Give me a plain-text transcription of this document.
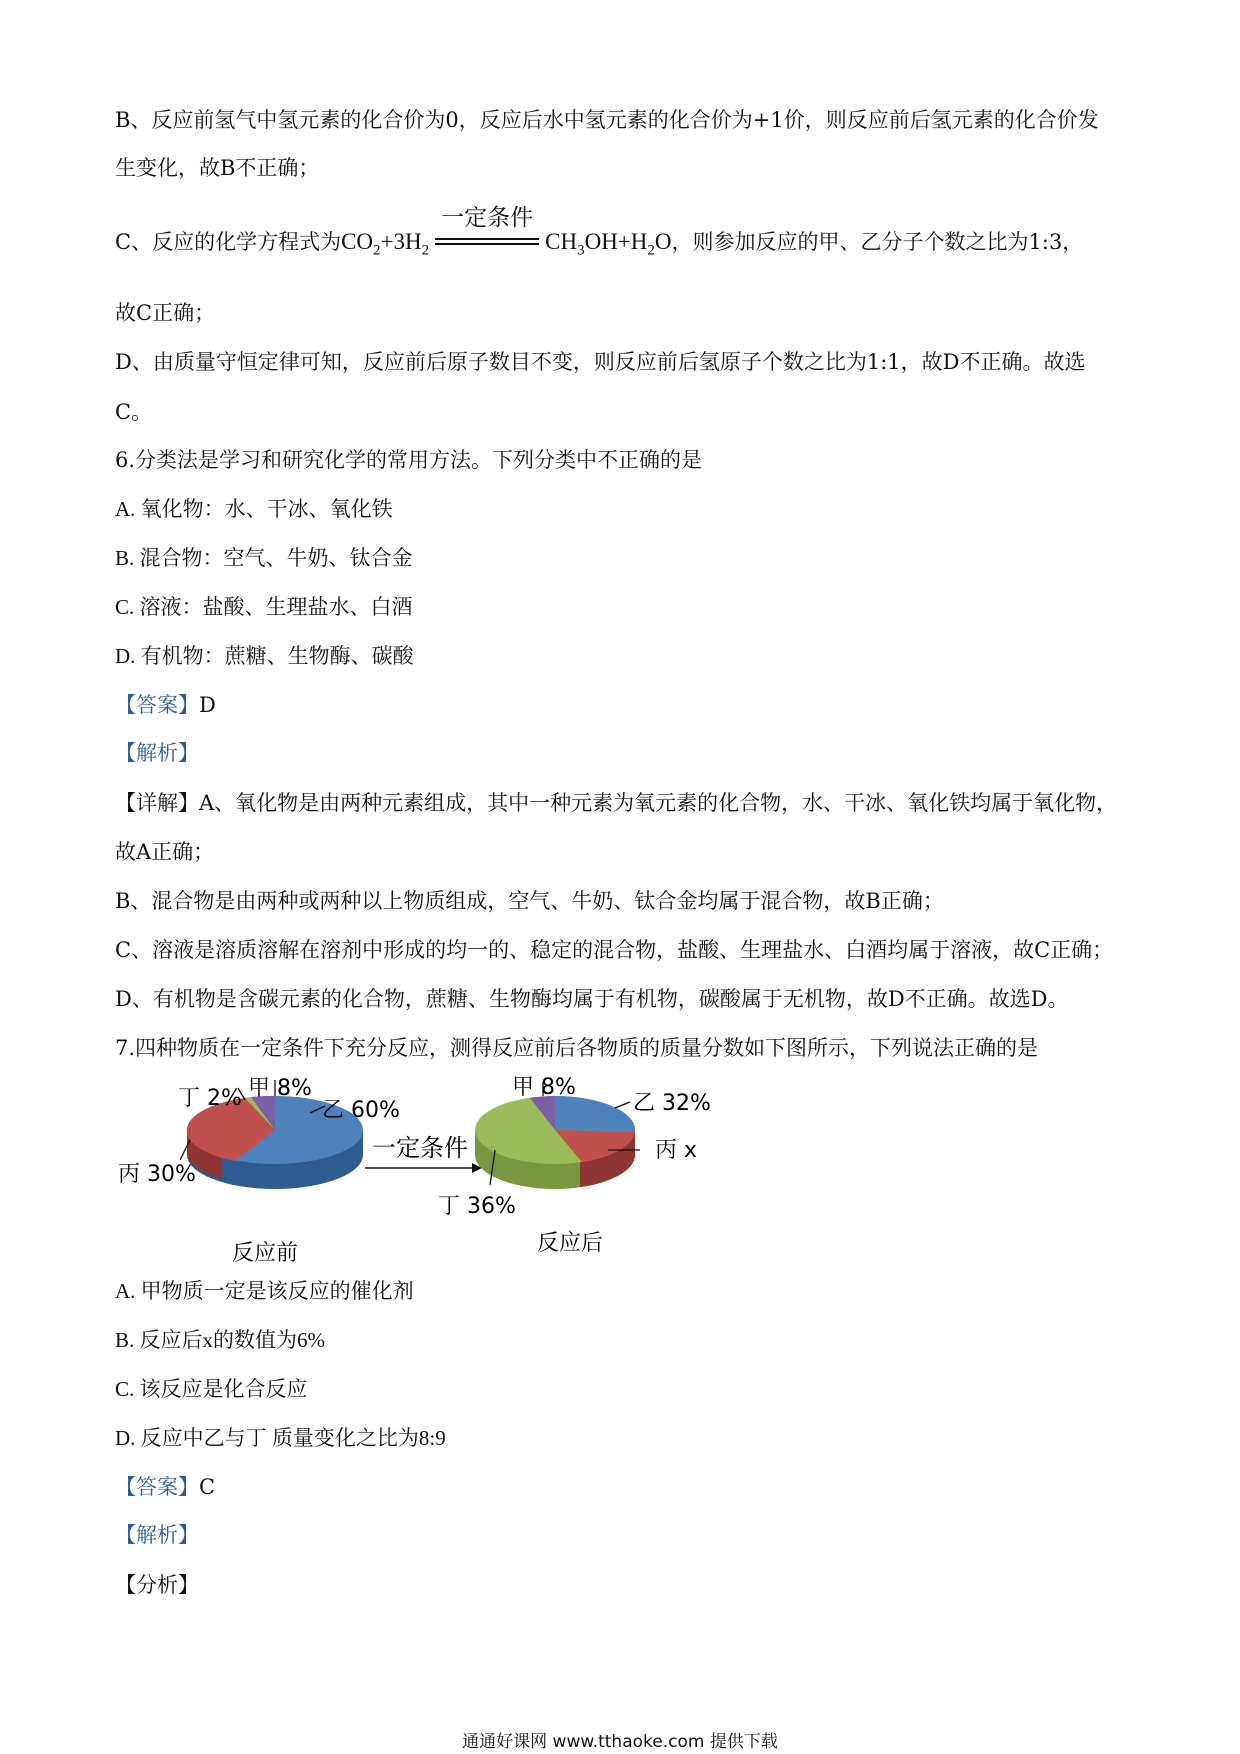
B、反应前氢气中氢元素的化合价为0，反应后水中氢元素的化合价为+1价，则反应前后氢元素的化合价发
生变化，故B不正确；
C、反应的化学方程式为$CO_2+3H_2$
一定条件
$CH_3OH+H_2O$，则参加反应的甲、乙分子个数之比为1:3，
故C正确；
D、由质量守恒定律可知，反应前后原子数目不变，则反应前后氢原子个数之比为1:1，故D不正确。故选
C。
6.分类法是学习和研究化学的常用方法。下列分类中不正确的是
A. 氧化物：水、干冰、氧化铁
B. 混合物：空气、牛奶、钛合金
C. 溶液：盐酸、生理盐水、白酒
D. 有机物：蔗糖、生物酶、碳酸
【答案】D
【解析】
【详解】A、氧化物是由两种元素组成，其中一种元素为氧元素的化合物，水、干冰、氧化铁均属于氧化物，
故A正确；
B、混合物是由两种或两种以上物质组成，空气、牛奶、钛合金均属于混合物，故B正确；
C、溶液是溶质溶解在溶剂中形成的均一的、稳定的混合物，盐酸、生理盐水、白酒均属于溶液，故C正确；
D、有机物是含碳元素的化合物，蔗糖、生物酶均属于有机物，碳酸属于无机物，故D不正确。故选D。
7.四种物质在一定条件下充分反应，测得反应前后各物质的质量分数如下图所示，下列说法正确的是
丁 2% 甲 8%
乙 60%
丙 30%
反应前
一定条件
甲 8%
乙 32%
丙 x
丁 36%
反应后
A. 甲物质一定是该反应的催化剂
B. 反应后x的数值为6%
C. 该反应是化合反应
D. 反应中乙与丁 质量变化之比为8:9
【答案】C
【解析】
【分析】
通通好课网 www.tthaoke.com 提供下载
